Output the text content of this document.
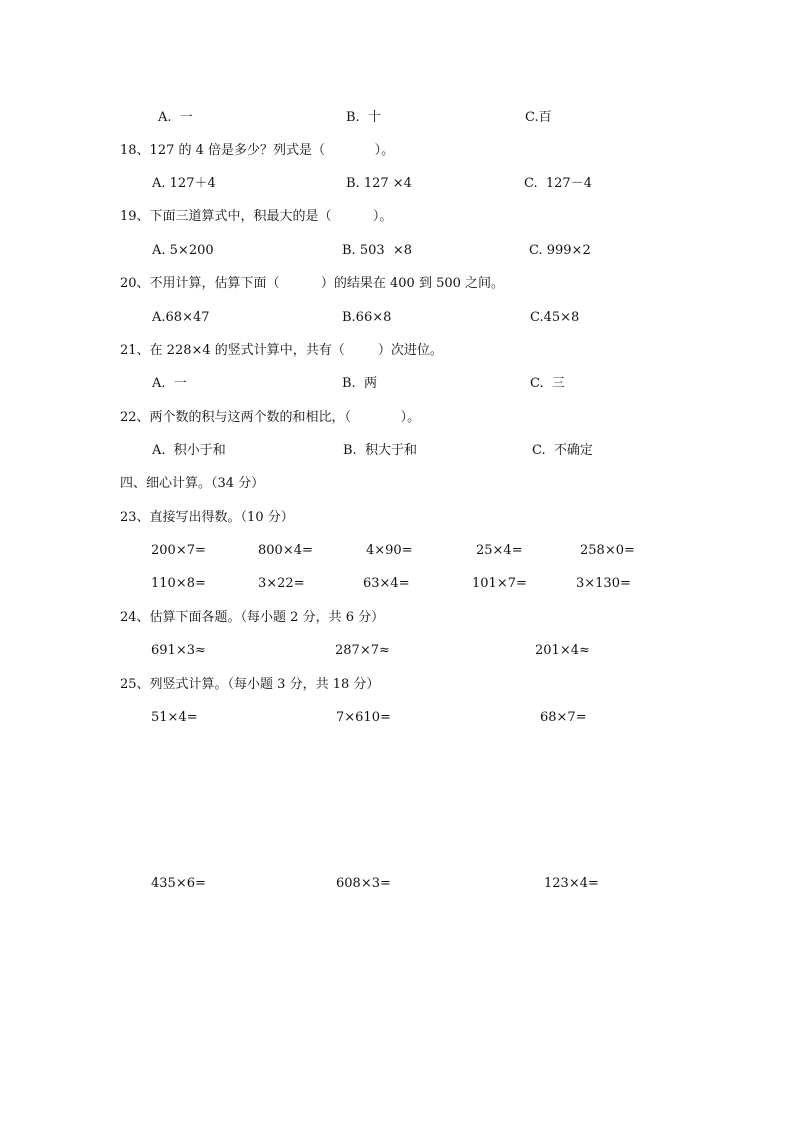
A.  一	B.  十	C.百
18、127 的 4 倍是多少？列式是（            ）。
A. 127＋4	B. 127 ×4	C.  127－4
19、下面三道算式中，积最大的是（          ）。
A. 5×200	B. 503  ×8	C. 999×2
20、不用计算，估算下面（          ）的结果在 400 到 500 之间。
A.68×47	B.66×8	C.45×8
21、在 228×4 的竖式计算中，共有（        ）次进位。
A.  一	B.  两	C.  三
22、两个数的积与这两个数的和相比，（            ）。
A.  积小于和	B.  积大于和	C.  不确定
四、细心计算。（34 分）
23、直接写出得数。（10 分）
200×7=	800×4=	4×90=	25×4=	258×0=
110×8=	3×22=	63×4=	101×7=	3×130=
24、估算下面各题。（每小题 2 分，共 6 分）
691×3≈	287×7≈	201×4≈
25、列竖式计算。（每小题 3 分，共 18 分）
51×4=	7×610=	68×7=
435×6=	608×3=	123×4=
